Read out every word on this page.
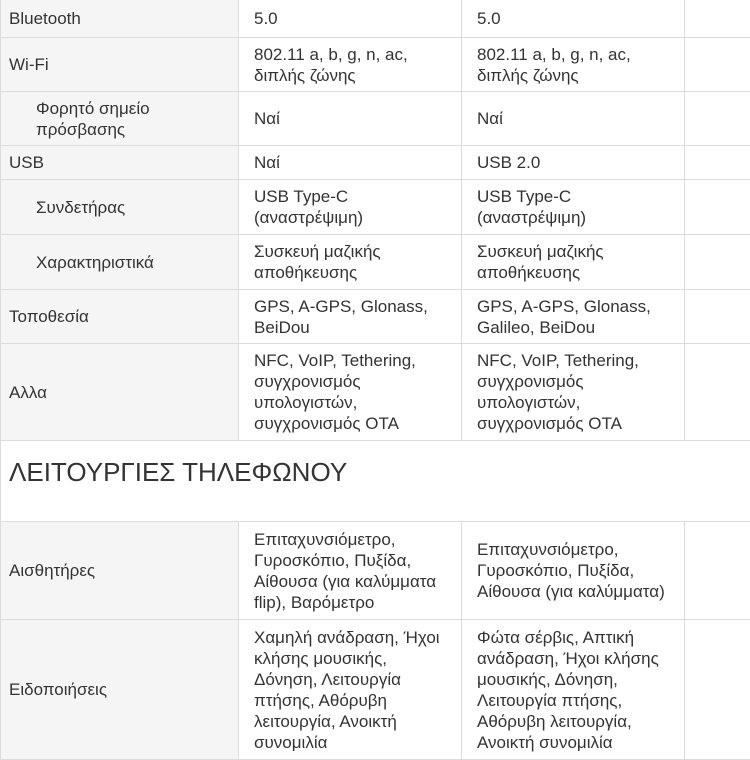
Bluetooth	5.0	5.0	
Wi-Fi	802.11 a, b, g, n, ac, διπλής ζώνης	802.11 a, b, g, n, ac, διπλής ζώνης	
Φορητό σημείο πρόσβασης	Ναί	Ναί	
USB	Ναί	USB 2.0	
Συνδετήρας	USB Type-C (αναστρέψιμη)	USB Type-C (αναστρέψιμη)	
Χαρακτηριστικά	Συσκευή μαζικής αποθήκευσης	Συσκευή μαζικής αποθήκευσης	
Τοποθεσία	GPS, A-GPS, Glonass, BeiDou	GPS, A-GPS, Glonass, Galileo, BeiDou	
Αλλα	NFC, VoIP, Tethering, συγχρονισμός υπολογιστών, συγχρονισμός OTA	NFC, VoIP, Tethering, συγχρονισμός υπολογιστών, συγχρονισμός OTA	
ΛΕΙΤΟΥΡΓΙΕΣ ΤΗΛΕΦΩΝΟΥ
Αισθητήρες	Επιταχυνσιόμετρο, Γυροσκόπιο, Πυξίδα, Αίθουσα (για καλύμματα flip), Βαρόμετρο	Επιταχυνσιόμετρο, Γυροσκόπιο, Πυξίδα, Αίθουσα (για καλύμματα)	
Ειδοποιήσεις	Χαμηλή ανάδραση, Ήχοι κλήσης μουσικής, Δόνηση, Λειτουργία πτήσης, Αθόρυβη λειτουργία, Ανοικτή συνομιλία	Φώτα σέρβις, Απτική ανάδραση, Ήχοι κλήσης μουσικής, Δόνηση, Λειτουργία πτήσης, Αθόρυβη λειτουργία, Ανοικτή συνομιλία	
